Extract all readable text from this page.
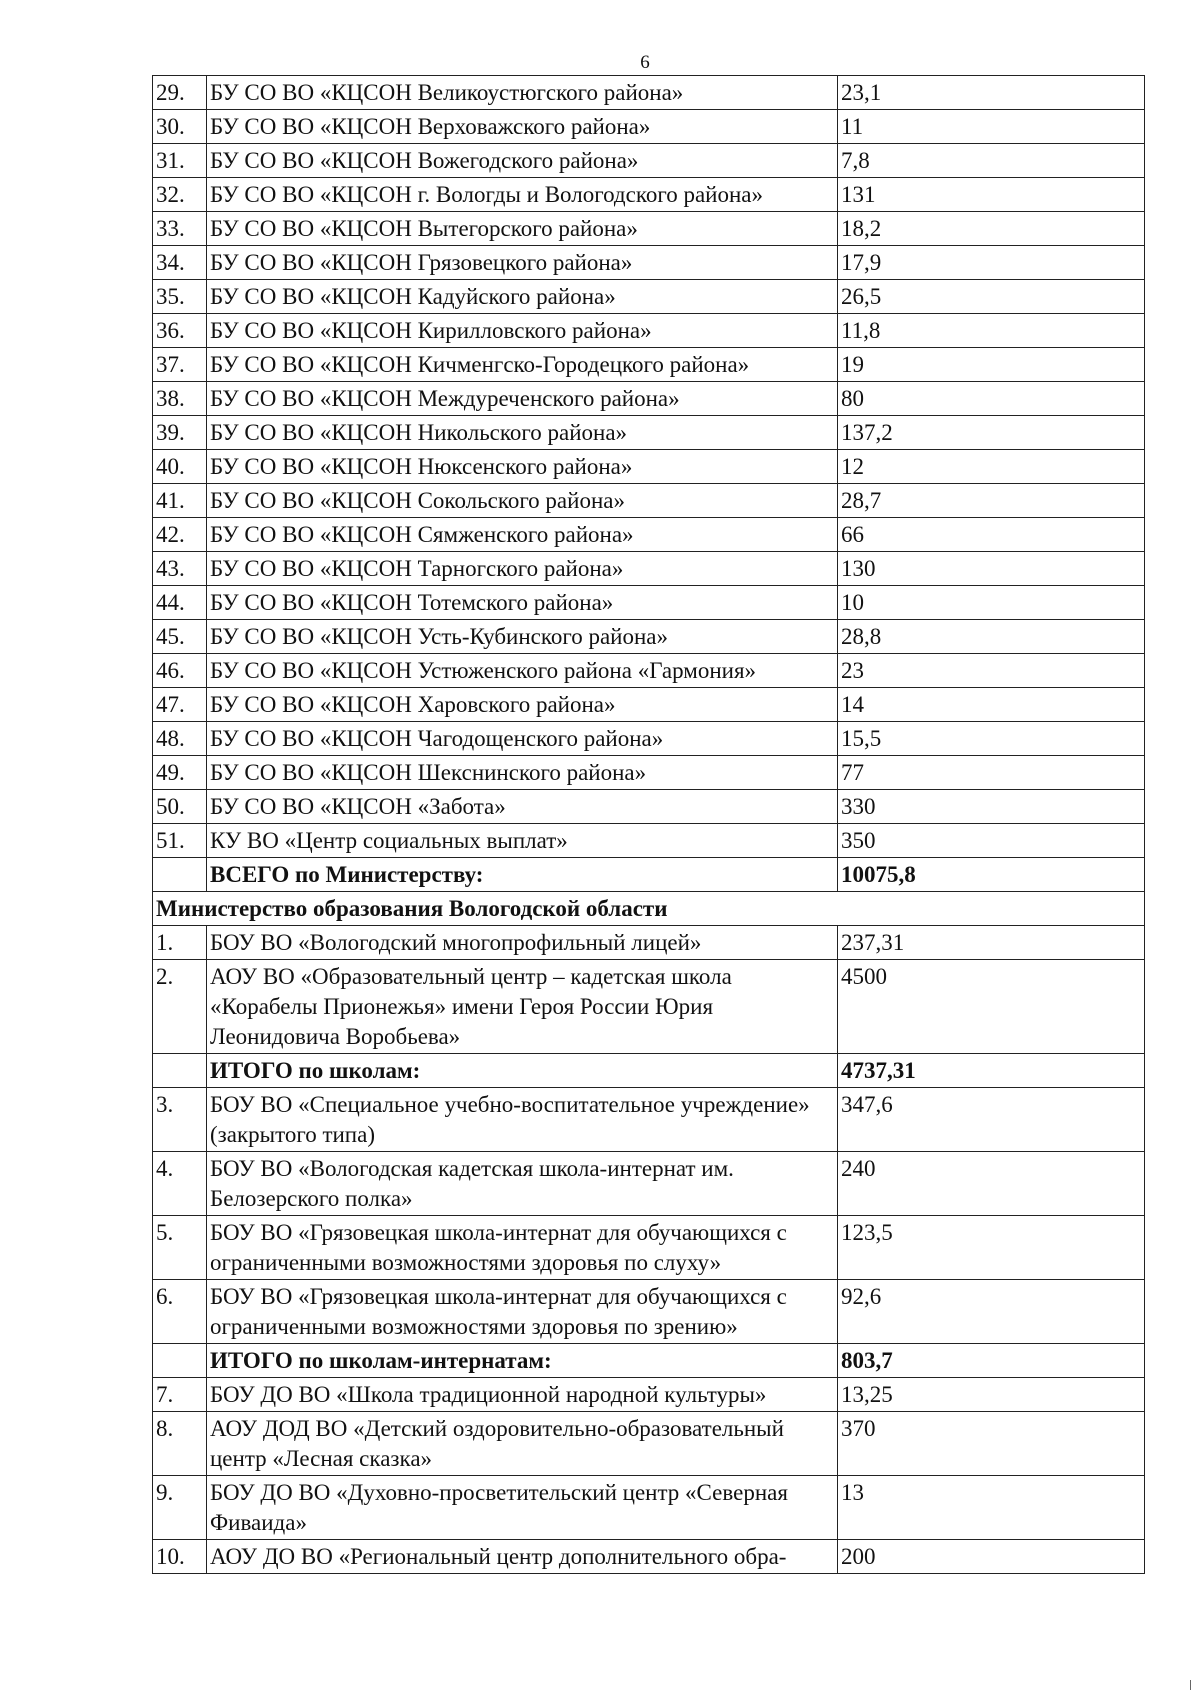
6
29.	БУ СО ВО «КЦСОН Великоустюгского района»	23,1
30.	БУ СО ВО «КЦСОН Верховажского района»	11
31.	БУ СО ВО «КЦСОН Вожегодского района»	7,8
32.	БУ СО ВО «КЦСОН г. Вологды и Вологодского района»	131
33.	БУ СО ВО «КЦСОН Вытегорского района»	18,2
34.	БУ СО ВО «КЦСОН Грязовецкого района»	17,9
35.	БУ СО ВО «КЦСОН Кадуйского района»	26,5
36.	БУ СО ВО «КЦСОН Кирилловского района»	11,8
37.	БУ СО ВО «КЦСОН Кичменгско-Городецкого района»	19
38.	БУ СО ВО «КЦСОН Междуреченского района»	80
39.	БУ СО ВО «КЦСОН Никольского района»	137,2
40.	БУ СО ВО «КЦСОН Нюксенского района»	12
41.	БУ СО ВО «КЦСОН Сокольского района»	28,7
42.	БУ СО ВО «КЦСОН Сямженского района»	66
43.	БУ СО ВО «КЦСОН Тарногского района»	130
44.	БУ СО ВО «КЦСОН Тотемского района»	10
45.	БУ СО ВО «КЦСОН Усть-Кубинского района»	28,8
46.	БУ СО ВО «КЦСОН Устюженского района «Гармония»	23
47.	БУ СО ВО «КЦСОН Харовского района»	14
48.	БУ СО ВО «КЦСОН Чагодощенского района»	15,5
49.	БУ СО ВО «КЦСОН Шекснинского района»	77
50.	БУ СО ВО «КЦСОН «Забота»	330
51.	КУ ВО «Центр социальных выплат»	350
	ВСЕГО по Министерству:	10075,8
Министерство образования Вологодской области		
1.	БОУ ВО «Вологодский многопрофильный лицей»	237,31
2.	АОУ ВО «Образовательный центр – кадетская школа «Корабелы Прионежья» имени Героя России Юрия Леонидовича Воробьева»	4500
	ИТОГО по школам:	4737,31
3.	БОУ ВО «Специальное учебно-воспитательное учреждение» (закрытого типа)	347,6
4.	БОУ ВО «Вологодская кадетская школа-интернат им. Белозерского полка»	240
5.	БОУ ВО «Грязовецкая школа-интернат для обучающихся с ограниченными возможностями здоровья по слуху»	123,5
6.	БОУ ВО «Грязовецкая школа-интернат для обучающихся с ограниченными возможностями здоровья по зрению»	92,6
	ИТОГО по школам-интернатам:	803,7
7.	БОУ ДО ВО «Школа традиционной народной культуры»	13,25
8.	АОУ ДОД ВО «Детский оздоровительно-образовательный центр «Лесная сказка»	370
9.	БОУ ДО ВО «Духовно-просветительский центр «Северная Фиваида»	13
10.	АОУ ДО ВО «Региональный центр дополнительного обра-	200
